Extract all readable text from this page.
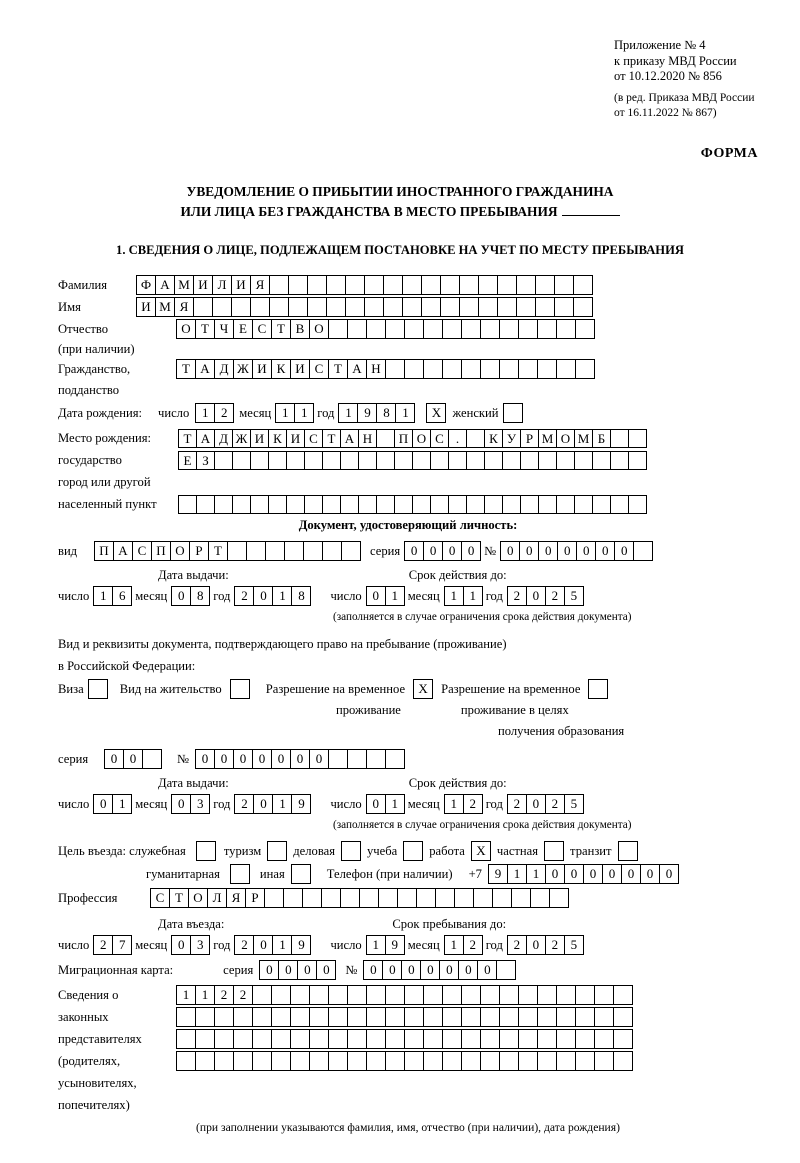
Приложение № 4
к приказу МВД России
от 10.12.2020 № 856
(в ред. Приказа МВД России
от 16.11.2022 № 867)
ФОРМА
УВЕДОМЛЕНИЕ О ПРИБЫТИИ ИНОСТРАННОГО ГРАЖДАНИНА
ИЛИ ЛИЦА БЕЗ ГРАЖДАНСТВА В МЕСТО ПРЕБЫВАНИЯ
1. СВЕДЕНИЯ О ЛИЦЕ, ПОДЛЕЖАЩЕМ ПОСТАНОВКЕ НА УЧЕТ ПО МЕСТУ ПРЕБЫВАНИЯ
Фамилия	Ф А М И Л И Я
Имя	И М Я
Отчество	О Т Ч Е С Т В О
(при наличии)
Гражданство,	Т А Д Ж И К И С Т А Н
подданство
Дата рождения: число 1 2 месяц 1 1 год 1 9 8 1	X женский
Место рождения:	Т А Д Ж И К И С Т А Н	П О С .	К У Р М О М Б
государство	Е З
город или другой
населенный пункт
Документ, удостоверяющий личность:
вид	П А С П О Р Т	серия 0 0 0 0 № 0 0 0 0 0 0 0
Дата выдачи:	Срок действия до:
число 1 6 месяц 0 8 год 2 0 1 8	число 0 1 месяц 1 1 год 2 0 2 5
(заполняется в случае ограничения срока действия документа)
Вид и реквизиты документа, подтверждающего право на пребывание (проживание)
в Российской Федерации:
Виза	Вид на жительство	Разрешение на временное	X	Разрешение на временное
проживание	проживание в целях
получения образования
серия	0 0	№ 0 0 0 0 0 0 0
Дата выдачи:	Срок действия до:
число 0 1 месяц 0 3 год 2 0 1 9	число 0 1 месяц 1 2 год 2 0 2 5
(заполняется в случае ограничения срока действия документа)
Цель въезда: служебная	туризм	деловая	учеба	работа X частная	транзит
гуманитарная	иная	Телефон (при наличии) +7 9 1 1 0 0 0 0 0 0 0
Профессия	С Т О Л Я Р
Дата въезда:	Срок пребывания до:
число 2 7 месяц 0 3 год 2 0 1 9	число 1 9 месяц 1 2 год 2 0 2 5
Миграционная карта:	серия 0 0 0 0	№ 0 0 0 0 0 0 0
Сведения о	1 1 2 2
законных
представителях
(родителях,
усыновителях,
попечителях)
(при заполнении указываются фамилия, имя, отчество (при наличии), дата рождения)
